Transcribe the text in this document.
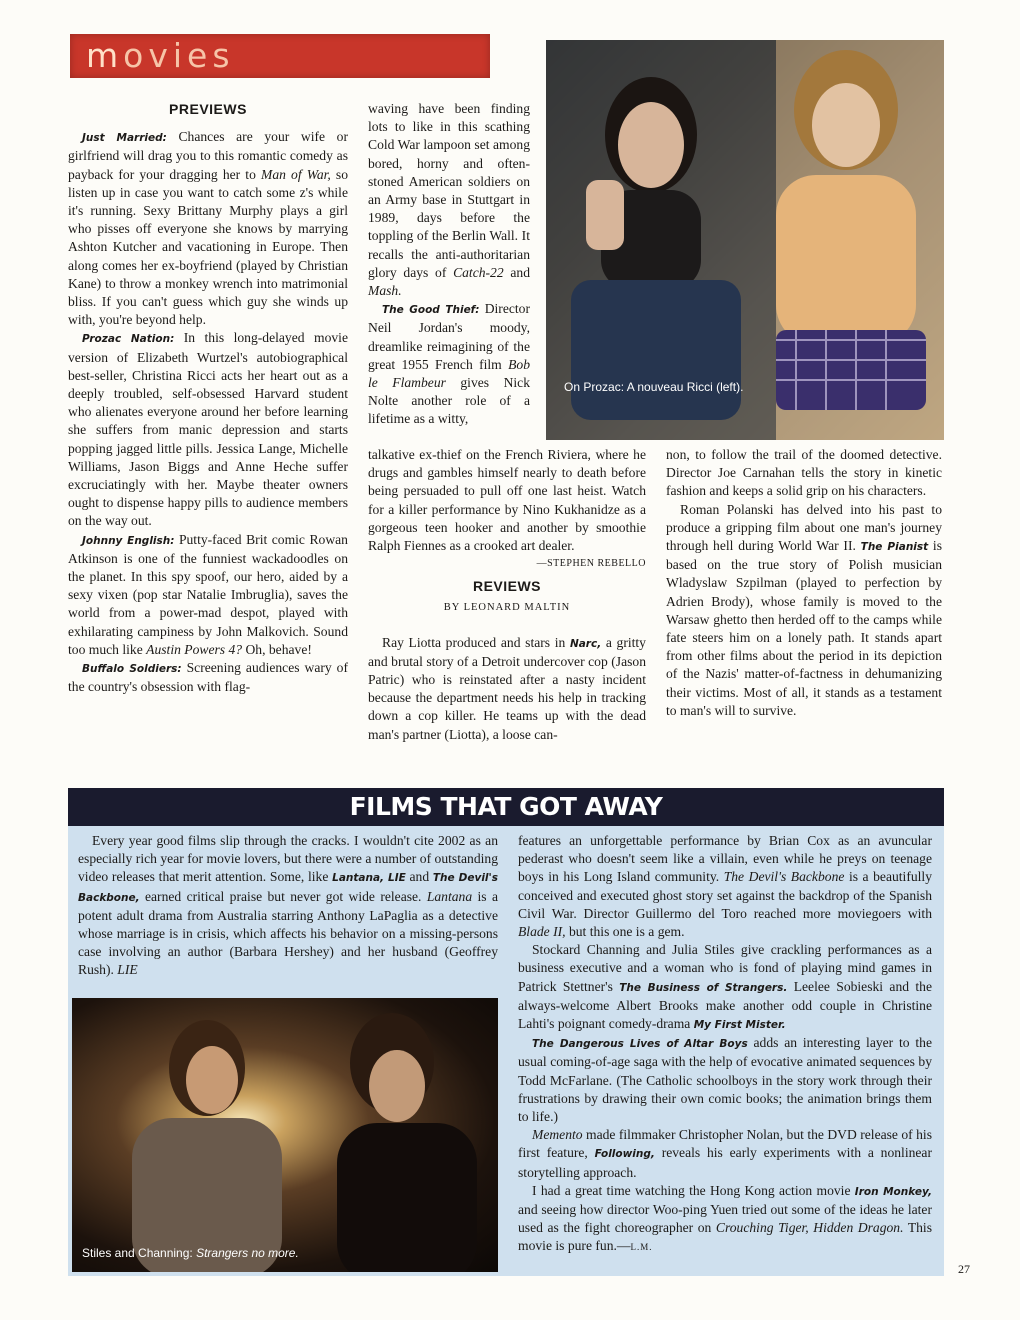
movies
PREVIEWS

Just Married: Chances are your wife or girlfriend will drag you to this romantic comedy as payback for your dragging her to Man of War, so listen up in case you want to catch some z's while it's running. Sexy Brittany Murphy plays a girl who pisses off everyone she knows by marrying Ashton Kutcher and vacationing in Europe. Then along comes her ex-boyfriend (played by Christian Kane) to throw a monkey wrench into matrimonial bliss. If you can't guess which guy she winds up with, you're beyond help.

Prozac Nation: In this long-delayed movie version of Elizabeth Wurtzel's autobiographical best-seller, Christina Ricci acts her heart out as a deeply troubled, self-obsessed Harvard student who alienates everyone around her before learning she suffers from manic depression and starts popping jagged little pills. Jessica Lange, Michelle Williams, Jason Biggs and Anne Heche suffer excruciatingly with her. Maybe theater owners ought to dispense happy pills to audience members on the way out.

Johnny English: Putty-faced Brit comic Rowan Atkinson is one of the funniest wackadoodles on the planet. In this spy spoof, our hero, aided by a sexy vixen (pop star Natalie Imbruglia), saves the world from a power-mad despot, played with exhilarating campiness by John Malkovich. Sound too much like Austin Powers 4? Oh, behave!

Buffalo Soldiers: Screening audiences wary of the country's obsession with flag-

waving have been finding lots to like in this scathing Cold War lampoon set among bored, horny and often-stoned American soldiers on an Army base in Stuttgart in 1989, days before the toppling of the Berlin Wall. It recalls the anti-authoritarian glory days of Catch-22 and Mash.

The Good Thief: Director Neil Jordan's moody, dreamlike reimagining of the great 1955 French film Bob le Flambeur gives Nick Nolte another role of a lifetime as a witty,

talkative ex-thief on the French Riviera, where he drugs and gambles himself nearly to death before being persuaded to pull off one last heist. Watch for a killer performance by Nino Kukhanidze as a gorgeous teen hooker and another by smoothie Ralph Fiennes as a crooked art dealer.
—STEPHEN REBELLO

REVIEWS
BY LEONARD MALTIN

Ray Liotta produced and stars in Narc, a gritty and brutal story of a Detroit undercover cop (Jason Patric) who is reinstated after a nasty incident because the department needs his help in tracking down a cop killer. He teams up with the dead man's partner (Liotta), a loose can-

non, to follow the trail of the doomed detective. Director Joe Carnahan tells the story in kinetic fashion and keeps a solid grip on his characters.

Roman Polanski has delved into his past to produce a gripping film about one man's journey through hell during World War II. The Pianist is based on the true story of Polish musician Wladyslaw Szpilman (played to perfection by Adrien Brody), whose family is moved to the Warsaw ghetto then herded off to the camps while fate steers him on a lonely path. It stands apart from other films about the period in its depiction of the Nazis' matter-of-factness in dehumanizing their victims. Most of all, it stands as a testament to man's will to survive.

On Prozac: A nouveau Ricci (left).
FILMS THAT GOT AWAY

Every year good films slip through the cracks. I wouldn't cite 2002 as an especially rich year for movie lovers, but there were a number of outstanding video releases that merit attention. Some, like Lantana, LIE and The Devil's Backbone, earned critical praise but never got wide release. Lantana is a potent adult drama from Australia starring Anthony LaPaglia as a detective whose marriage is in crisis, which affects his behavior on a missing-persons case involving an author (Barbara Hershey) and her husband (Geoffrey Rush). LIE

features an unforgettable performance by Brian Cox as an avuncular pederast who doesn't seem like a villain, even while he preys on teenage boys in his Long Island community. The Devil's Backbone is a beautifully conceived and executed ghost story set against the backdrop of the Spanish Civil War. Director Guillermo del Toro reached more moviegoers with Blade II, but this one is a gem.

Stockard Channing and Julia Stiles give crackling performances as a business executive and a woman who is fond of playing mind games in Patrick Stettner's The Business of Strangers. Leelee Sobieski and the always-welcome Albert Brooks make another odd couple in Christine Lahti's poignant comedy-drama My First Mister.

The Dangerous Lives of Altar Boys adds an interesting layer to the usual coming-of-age saga with the help of evocative animated sequences by Todd McFarlane. (The Catholic schoolboys in the story work through their frustrations by drawing their own comic books; the animation brings them to life.)

Memento made filmmaker Christopher Nolan, but the DVD release of his first feature, Following, reveals his early experiments with a nonlinear storytelling approach.

I had a great time watching the Hong Kong action movie Iron Monkey, and seeing how director Woo-ping Yuen tried out some of the ideas he later used as the fight choreographer on Crouching Tiger, Hidden Dragon. This movie is pure fun.—L.M.

Stiles and Channing: Strangers no more.
27
